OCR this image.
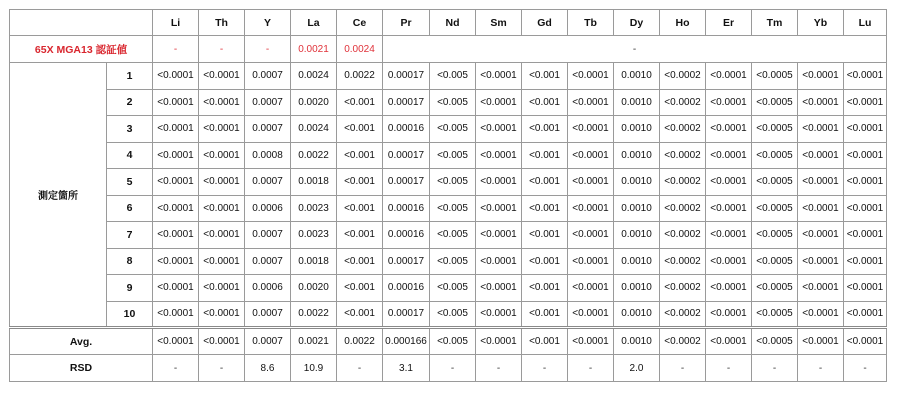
		Li	Th	Y	La	Ce	Pr	Nd	Sm	Gd	Tb	Dy	Ho	Er	Tm	Yb	Lu
65X MGA13 認証値		-	-	-	0.0021	0.0024	-										
測定箇所	1	<0.0001	<0.0001	0.0007	0.0024	0.0022	0.00017	<0.005	<0.0001	<0.001	<0.0001	0.0010	<0.0002	<0.0001	<0.0005	<0.0001	<0.0001
	2	<0.0001	<0.0001	0.0007	0.0020	<0.001	0.00017	<0.005	<0.0001	<0.001	<0.0001	0.0010	<0.0002	<0.0001	<0.0005	<0.0001	<0.0001
	3	<0.0001	<0.0001	0.0007	0.0024	<0.001	0.00016	<0.005	<0.0001	<0.001	<0.0001	0.0010	<0.0002	<0.0001	<0.0005	<0.0001	<0.0001
	4	<0.0001	<0.0001	0.0008	0.0022	<0.001	0.00017	<0.005	<0.0001	<0.001	<0.0001	0.0010	<0.0002	<0.0001	<0.0005	<0.0001	<0.0001
	5	<0.0001	<0.0001	0.0007	0.0018	<0.001	0.00017	<0.005	<0.0001	<0.001	<0.0001	0.0010	<0.0002	<0.0001	<0.0005	<0.0001	<0.0001
	6	<0.0001	<0.0001	0.0006	0.0023	<0.001	0.00016	<0.005	<0.0001	<0.001	<0.0001	0.0010	<0.0002	<0.0001	<0.0005	<0.0001	<0.0001
	7	<0.0001	<0.0001	0.0007	0.0023	<0.001	0.00016	<0.005	<0.0001	<0.001	<0.0001	0.0010	<0.0002	<0.0001	<0.0005	<0.0001	<0.0001
	8	<0.0001	<0.0001	0.0007	0.0018	<0.001	0.00017	<0.005	<0.0001	<0.001	<0.0001	0.0010	<0.0002	<0.0001	<0.0005	<0.0001	<0.0001
	9	<0.0001	<0.0001	0.0006	0.0020	<0.001	0.00016	<0.005	<0.0001	<0.001	<0.0001	0.0010	<0.0002	<0.0001	<0.0005	<0.0001	<0.0001
	10	<0.0001	<0.0001	0.0007	0.0022	<0.001	0.00017	<0.005	<0.0001	<0.001	<0.0001	0.0010	<0.0002	<0.0001	<0.0005	<0.0001	<0.0001
Avg.		<0.0001	<0.0001	0.0007	0.0021	0.0022	0.000166	<0.005	<0.0001	<0.001	<0.0001	0.0010	<0.0002	<0.0001	<0.0005	<0.0001	<0.0001
RSD		-	-	8.6	10.9	-	3.1	-	-	-	-	2.0	-	-	-	-	-
